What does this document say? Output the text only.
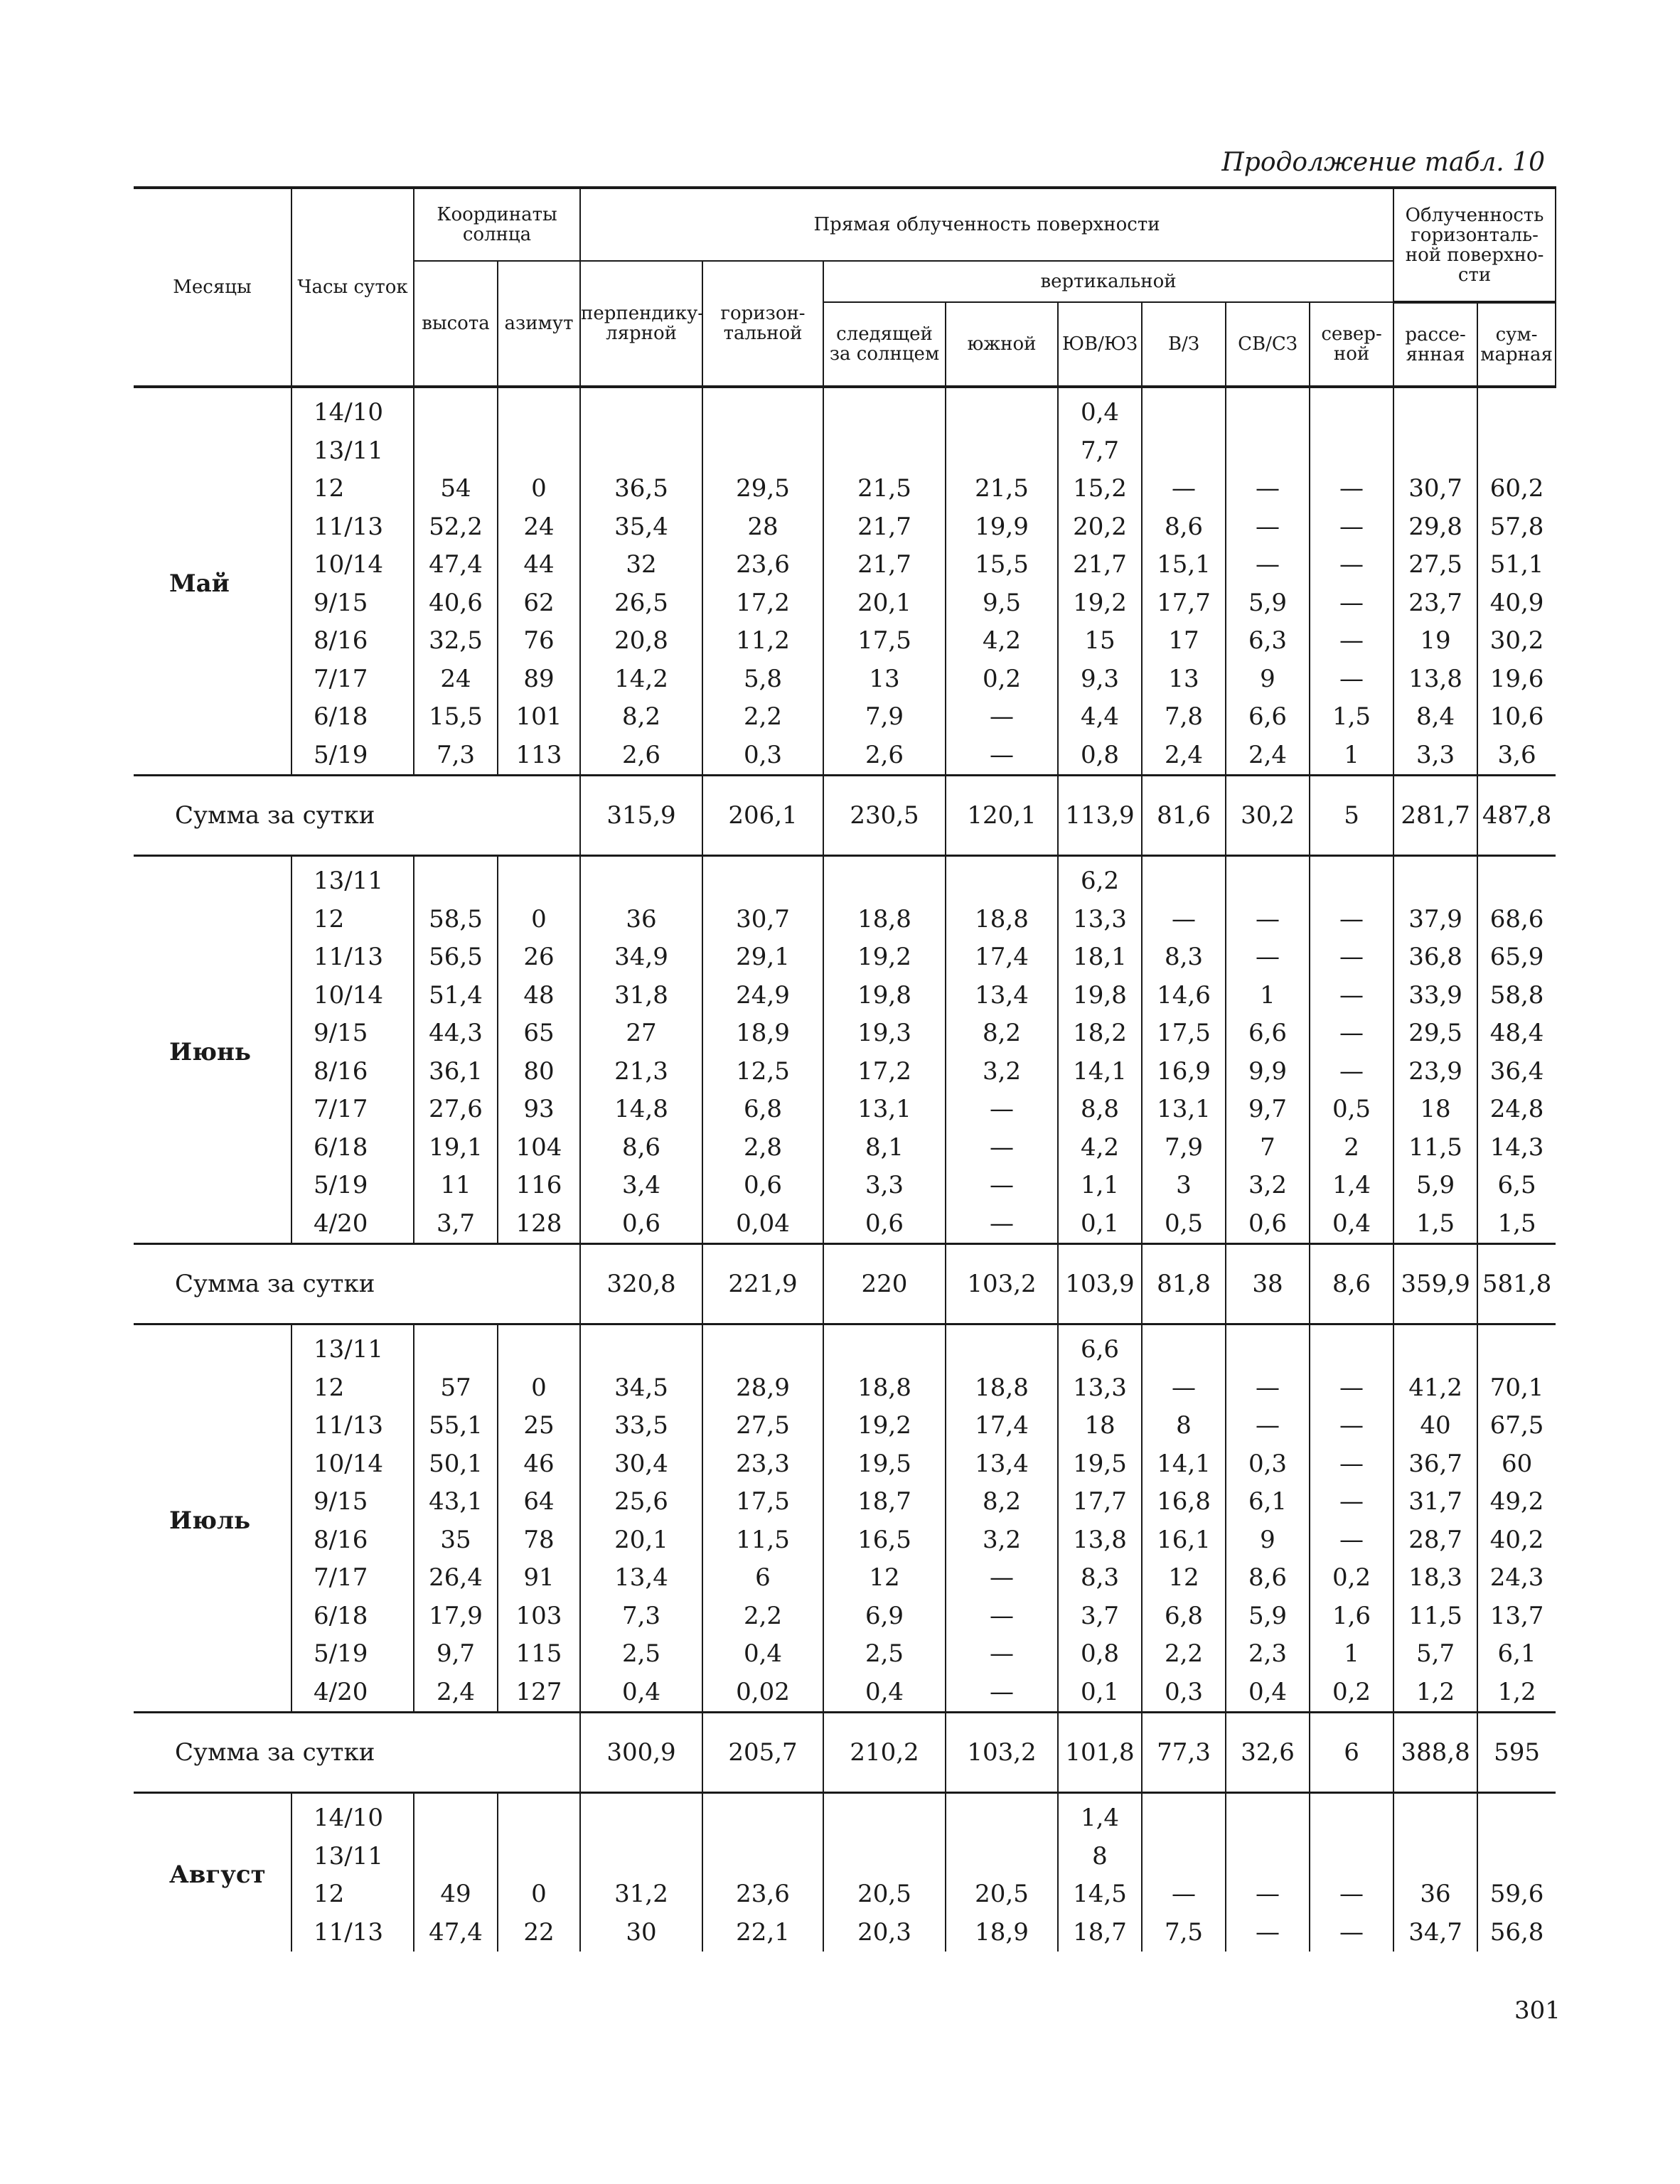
Продолжение табл. 10
Месяцы	Часы суток	Координаты солнца		Прямая облученность поверхности								Облученность горизонталь-ной поверхно-сти	
		высота	азимут	перпендику-лярной	горизон-тальной	вертикальной							
						следящей за солнцем	южной	ЮВ/ЮЗ	В/З	СВ/СЗ	север-ной	рассе-янная	сум-марная
Май	14/10							0,4					
	13/11							7,7					
	12	54	0	36,5	29,5	21,5	21,5	15,2	—	—	—	30,7	60,2
	11/13	52,2	24	35,4	28	21,7	19,9	20,2	8,6	—	—	29,8	57,8
	10/14	47,4	44	32	23,6	21,7	15,5	21,7	15,1	—	—	27,5	51,1
	9/15	40,6	62	26,5	17,2	20,1	9,5	19,2	17,7	5,9	—	23,7	40,9
	8/16	32,5	76	20,8	11,2	17,5	4,2	15	17	6,3	—	19	30,2
	7/17	24	89	14,2	5,8	13	0,2	9,3	13	9	—	13,8	19,6
	6/18	15,5	101	8,2	2,2	7,9	—	4,4	7,8	6,6	1,5	8,4	10,6
	5/19	7,3	113	2,6	0,3	2,6	—	0,8	2,4	2,4	1	3,3	3,6
Сумма за сутки				315,9	206,1	230,5	120,1	113,9	81,6	30,2	5	281,7	487,8
Июнь	13/11							6,2					
	12	58,5	0	36	30,7	18,8	18,8	13,3	—	—	—	37,9	68,6
	11/13	56,5	26	34,9	29,1	19,2	17,4	18,1	8,3	—	—	36,8	65,9
	10/14	51,4	48	31,8	24,9	19,8	13,4	19,8	14,6	1	—	33,9	58,8
	9/15	44,3	65	27	18,9	19,3	8,2	18,2	17,5	6,6	—	29,5	48,4
	8/16	36,1	80	21,3	12,5	17,2	3,2	14,1	16,9	9,9	—	23,9	36,4
	7/17	27,6	93	14,8	6,8	13,1	—	8,8	13,1	9,7	0,5	18	24,8
	6/18	19,1	104	8,6	2,8	8,1	—	4,2	7,9	7	2	11,5	14,3
	5/19	11	116	3,4	0,6	3,3	—	1,1	3	3,2	1,4	5,9	6,5
	4/20	3,7	128	0,6	0,04	0,6	—	0,1	0,5	0,6	0,4	1,5	1,5
Сумма за сутки				320,8	221,9	220	103,2	103,9	81,8	38	8,6	359,9	581,8
Июль	13/11							6,6					
	12	57	0	34,5	28,9	18,8	18,8	13,3	—	—	—	41,2	70,1
	11/13	55,1	25	33,5	27,5	19,2	17,4	18	8	—	—	40	67,5
	10/14	50,1	46	30,4	23,3	19,5	13,4	19,5	14,1	0,3	—	36,7	60
	9/15	43,1	64	25,6	17,5	18,7	8,2	17,7	16,8	6,1	—	31,7	49,2
	8/16	35	78	20,1	11,5	16,5	3,2	13,8	16,1	9	—	28,7	40,2
	7/17	26,4	91	13,4	6	12	—	8,3	12	8,6	0,2	18,3	24,3
	6/18	17,9	103	7,3	2,2	6,9	—	3,7	6,8	5,9	1,6	11,5	13,7
	5/19	9,7	115	2,5	0,4	2,5	—	0,8	2,2	2,3	1	5,7	6,1
	4/20	2,4	127	0,4	0,02	0,4	—	0,1	0,3	0,4	0,2	1,2	1,2
Сумма за сутки				300,9	205,7	210,2	103,2	101,8	77,3	32,6	6	388,8	595
Август	14/10							1,4					
	13/11							8					
	12	49	0	31,2	23,6	20,5	20,5	14,5	—	—	—	36	59,6
	11/13	47,4	22	30	22,1	20,3	18,9	18,7	7,5	—	—	34,7	56,8
301
